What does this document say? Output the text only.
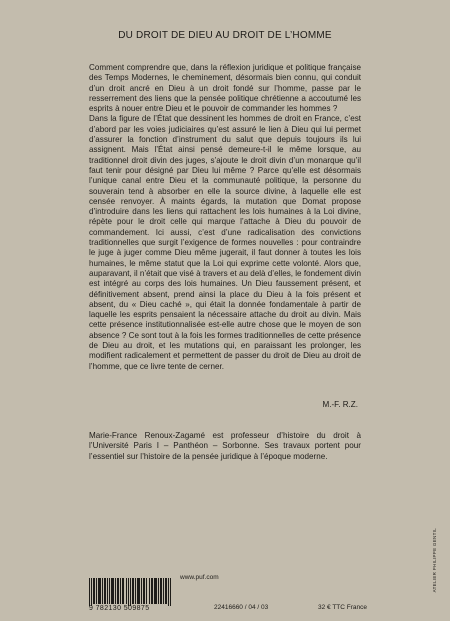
DU DROIT DE DIEU AU DROIT DE L’HOMME

Comment comprendre que, dans la réflexion juridique et politique française des Temps Modernes, le cheminement, désormais bien connu, qui conduit d’un droit ancré en Dieu à un droit fondé sur l’homme, passe par le resserrement des liens que la pensée politique chrétienne a accoutumé les esprits à nouer entre Dieu et le pouvoir de commander les hommes ?

Dans la figure de l’État que dessinent les hommes de droit en France, c’est d’abord par les voies judiciaires qu’est assuré le lien à Dieu qui lui permet d’assurer la fonction d’instrument du salut que depuis toujours ils lui assignent. Mais l’État ainsi pensé demeure-t-il le même lorsque, au traditionnel droit divin des juges, s’ajoute le droit divin d’un monarque qu’il faut tenir pour désigné par Dieu lui même ? Parce qu’elle est désormais l’unique canal entre Dieu et la communauté politique, la personne du souverain tend à absorber en elle la source divine, à laquelle elle est censée renvoyer. À maints égards, la mutation que Domat propose d’introduire dans les liens qui rattachent les lois humaines à la Loi divine, répète pour le droit celle qui marque l’attache à Dieu du pouvoir de commandement. Ici aussi, c’est d’une radicalisation des convictions traditionnelles que surgit l’exigence de formes nouvelles : pour contraindre le juge à juger comme Dieu même jugerait, il faut donner à toutes les lois humaines, le même statut que la Loi qui exprime cette volonté. Alors que, auparavant, il n’était que visé à travers et au delà d’elles, le fondement divin est intégré au corps des lois humaines. Un Dieu faussement présent, et définitivement absent, prend ainsi la place du Dieu à la fois présent et absent, du « Dieu caché », qui était la donnée fondamentale à partir de laquelle les esprits pensaient la nécessaire attache du droit au divin. Mais cette présence institutionnalisée est-elle autre chose que le moyen de son absence ? Ce sont tout à la fois les formes traditionnelles de cette présence de Dieu au droit, et les mutations qui, en paraissant les prolonger, les modifient radicalement et permettent de passer du droit de Dieu au droit de l’homme, que ce livre tente de cerner.

M.-F. R.Z.
Marie-France Renoux-Zagamé est professeur d’histoire du droit à l’Université Paris I – Panthéon – Sorbonne. Ses travaux portent pour l’essentiel sur l’histoire de la pensée juridique à l’époque moderne.
www.puf.com
9 782130 509875	22416660 / 04 / 03	32 € TTC France
ATELIER PHILIPPE GENTIL
